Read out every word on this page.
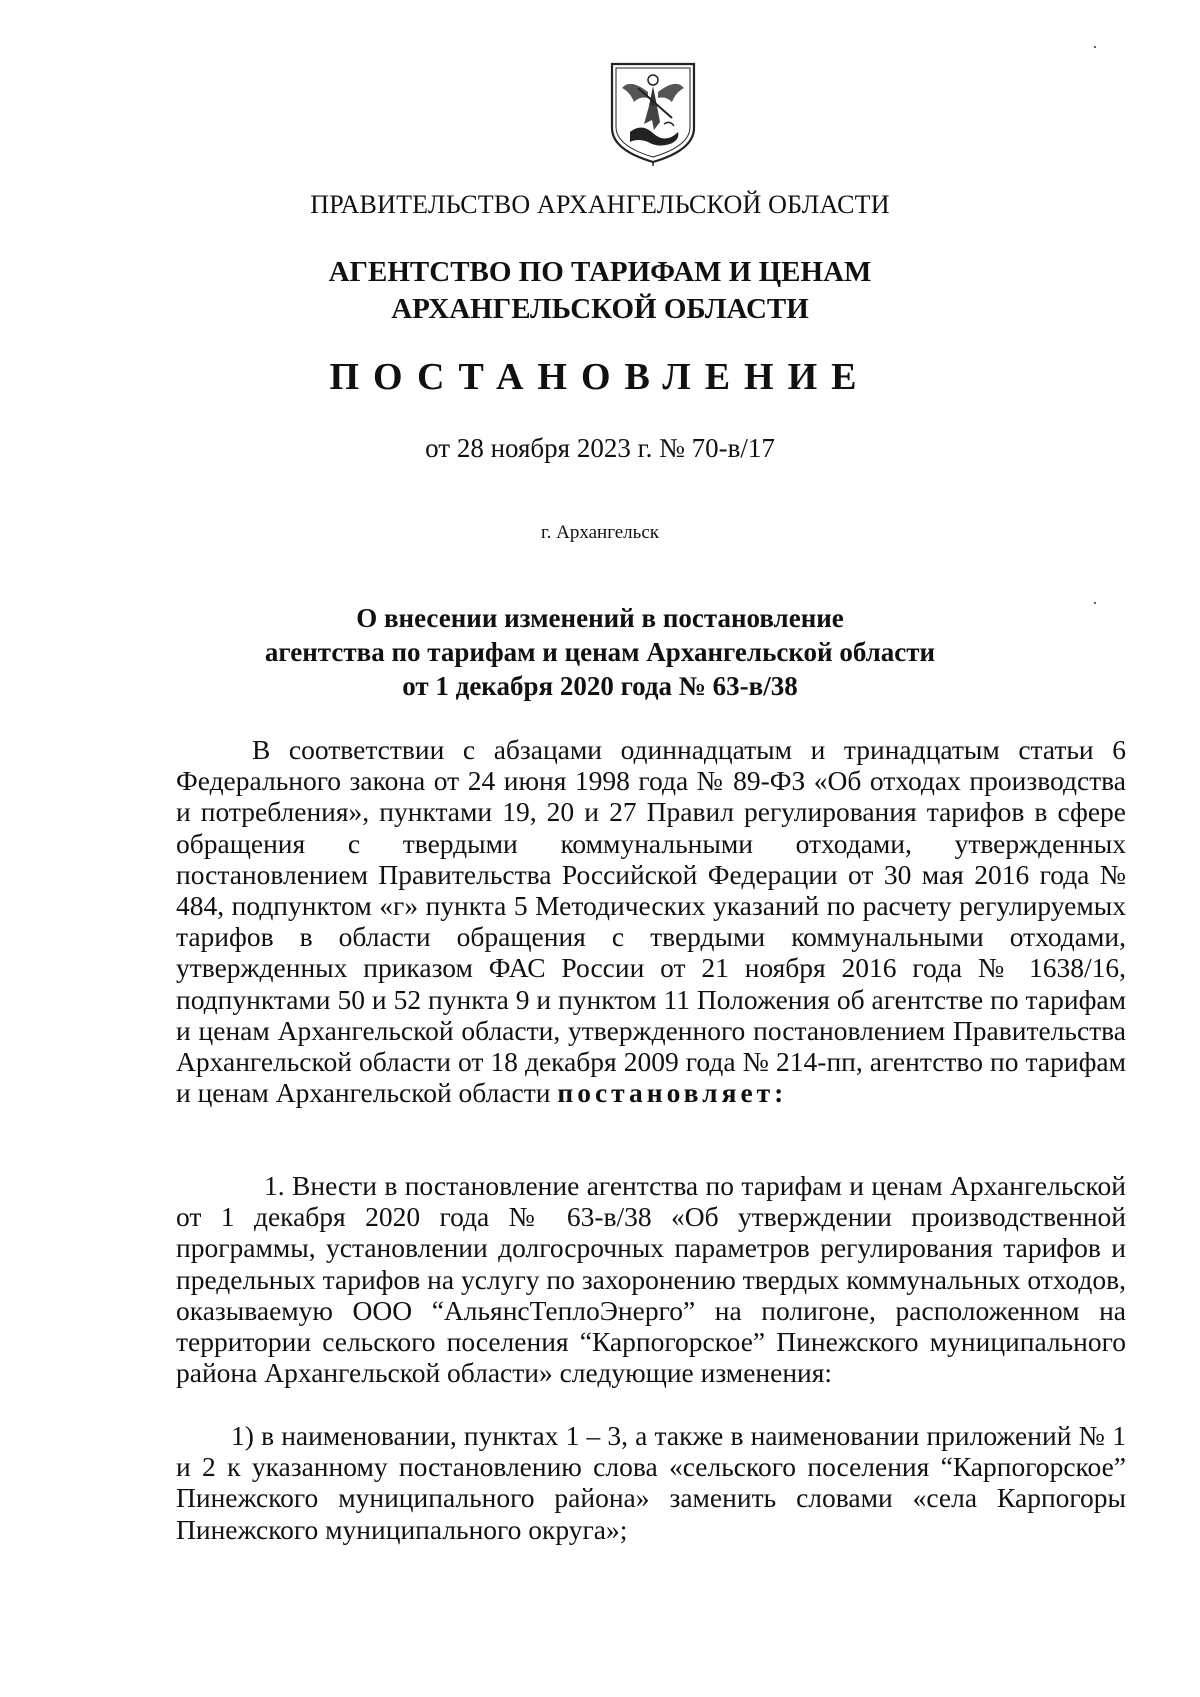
ПРАВИТЕЛЬСТВО АРХАНГЕЛЬСКОЙ ОБЛАСТИ
АГЕНТСТВО ПО ТАРИФАМ И ЦЕНАМ
АРХАНГЕЛЬСКОЙ ОБЛАСТИ
ПОСТАНОВЛЕНИЕ
от 28 ноября 2023 г. № 70-в/17
г. Архангельск
О внесении изменений в постановление
агентства по тарифам и ценам Архангельской области
от 1 декабря 2020 года № 63-в/38

В соответствии с абзацами одиннадцатым и тринадцатым статьи 6 Федерального закона от 24 июня 1998 года № 89-ФЗ «Об отходах производства и потребления», пунктами 19, 20 и 27 Правил регулирования тарифов в сфере обращения с твердыми коммунальными отходами, утвержденных постановлением Правительства Российской Федерации от 30 мая 2016 года № 484, подпунктом «г» пункта 5 Методических указаний по расчету регулируемых тарифов в области обращения с твердыми коммунальными отходами, утвержденных приказом ФАС России от 21 ноября 2016 года № 1638/16, подпунктами 50 и 52 пункта 9 и пунктом 11 Положения об агентстве по тарифам и ценам Архангельской области, утвержденного постановлением Правительства Архангельской области от 18 декабря 2009 года № 214-пп, агентство по тарифам и ценам Архангельской области постановляет:

1. Внести в постановление агентства по тарифам и ценам Архангельской от 1 декабря 2020 года № 63-в/38 «Об утверждении производственной программы, установлении долгосрочных параметров регулирования тарифов и предельных тарифов на услугу по захоронению твердых коммунальных отходов, оказываемую ООО “АльянсТеплоЭнерго” на полигоне, расположенном на территории сельского поселения “Карпогорское” Пинежского муниципального района Архангельской области» следующие изменения:

1) в наименовании, пунктах 1 – 3, а также в наименовании приложений № 1 и 2 к указанному постановлению слова «сельского поселения “Карпогорское” Пинежского муниципального района» заменить словами «села Карпогоры Пинежского муниципального округа»;
